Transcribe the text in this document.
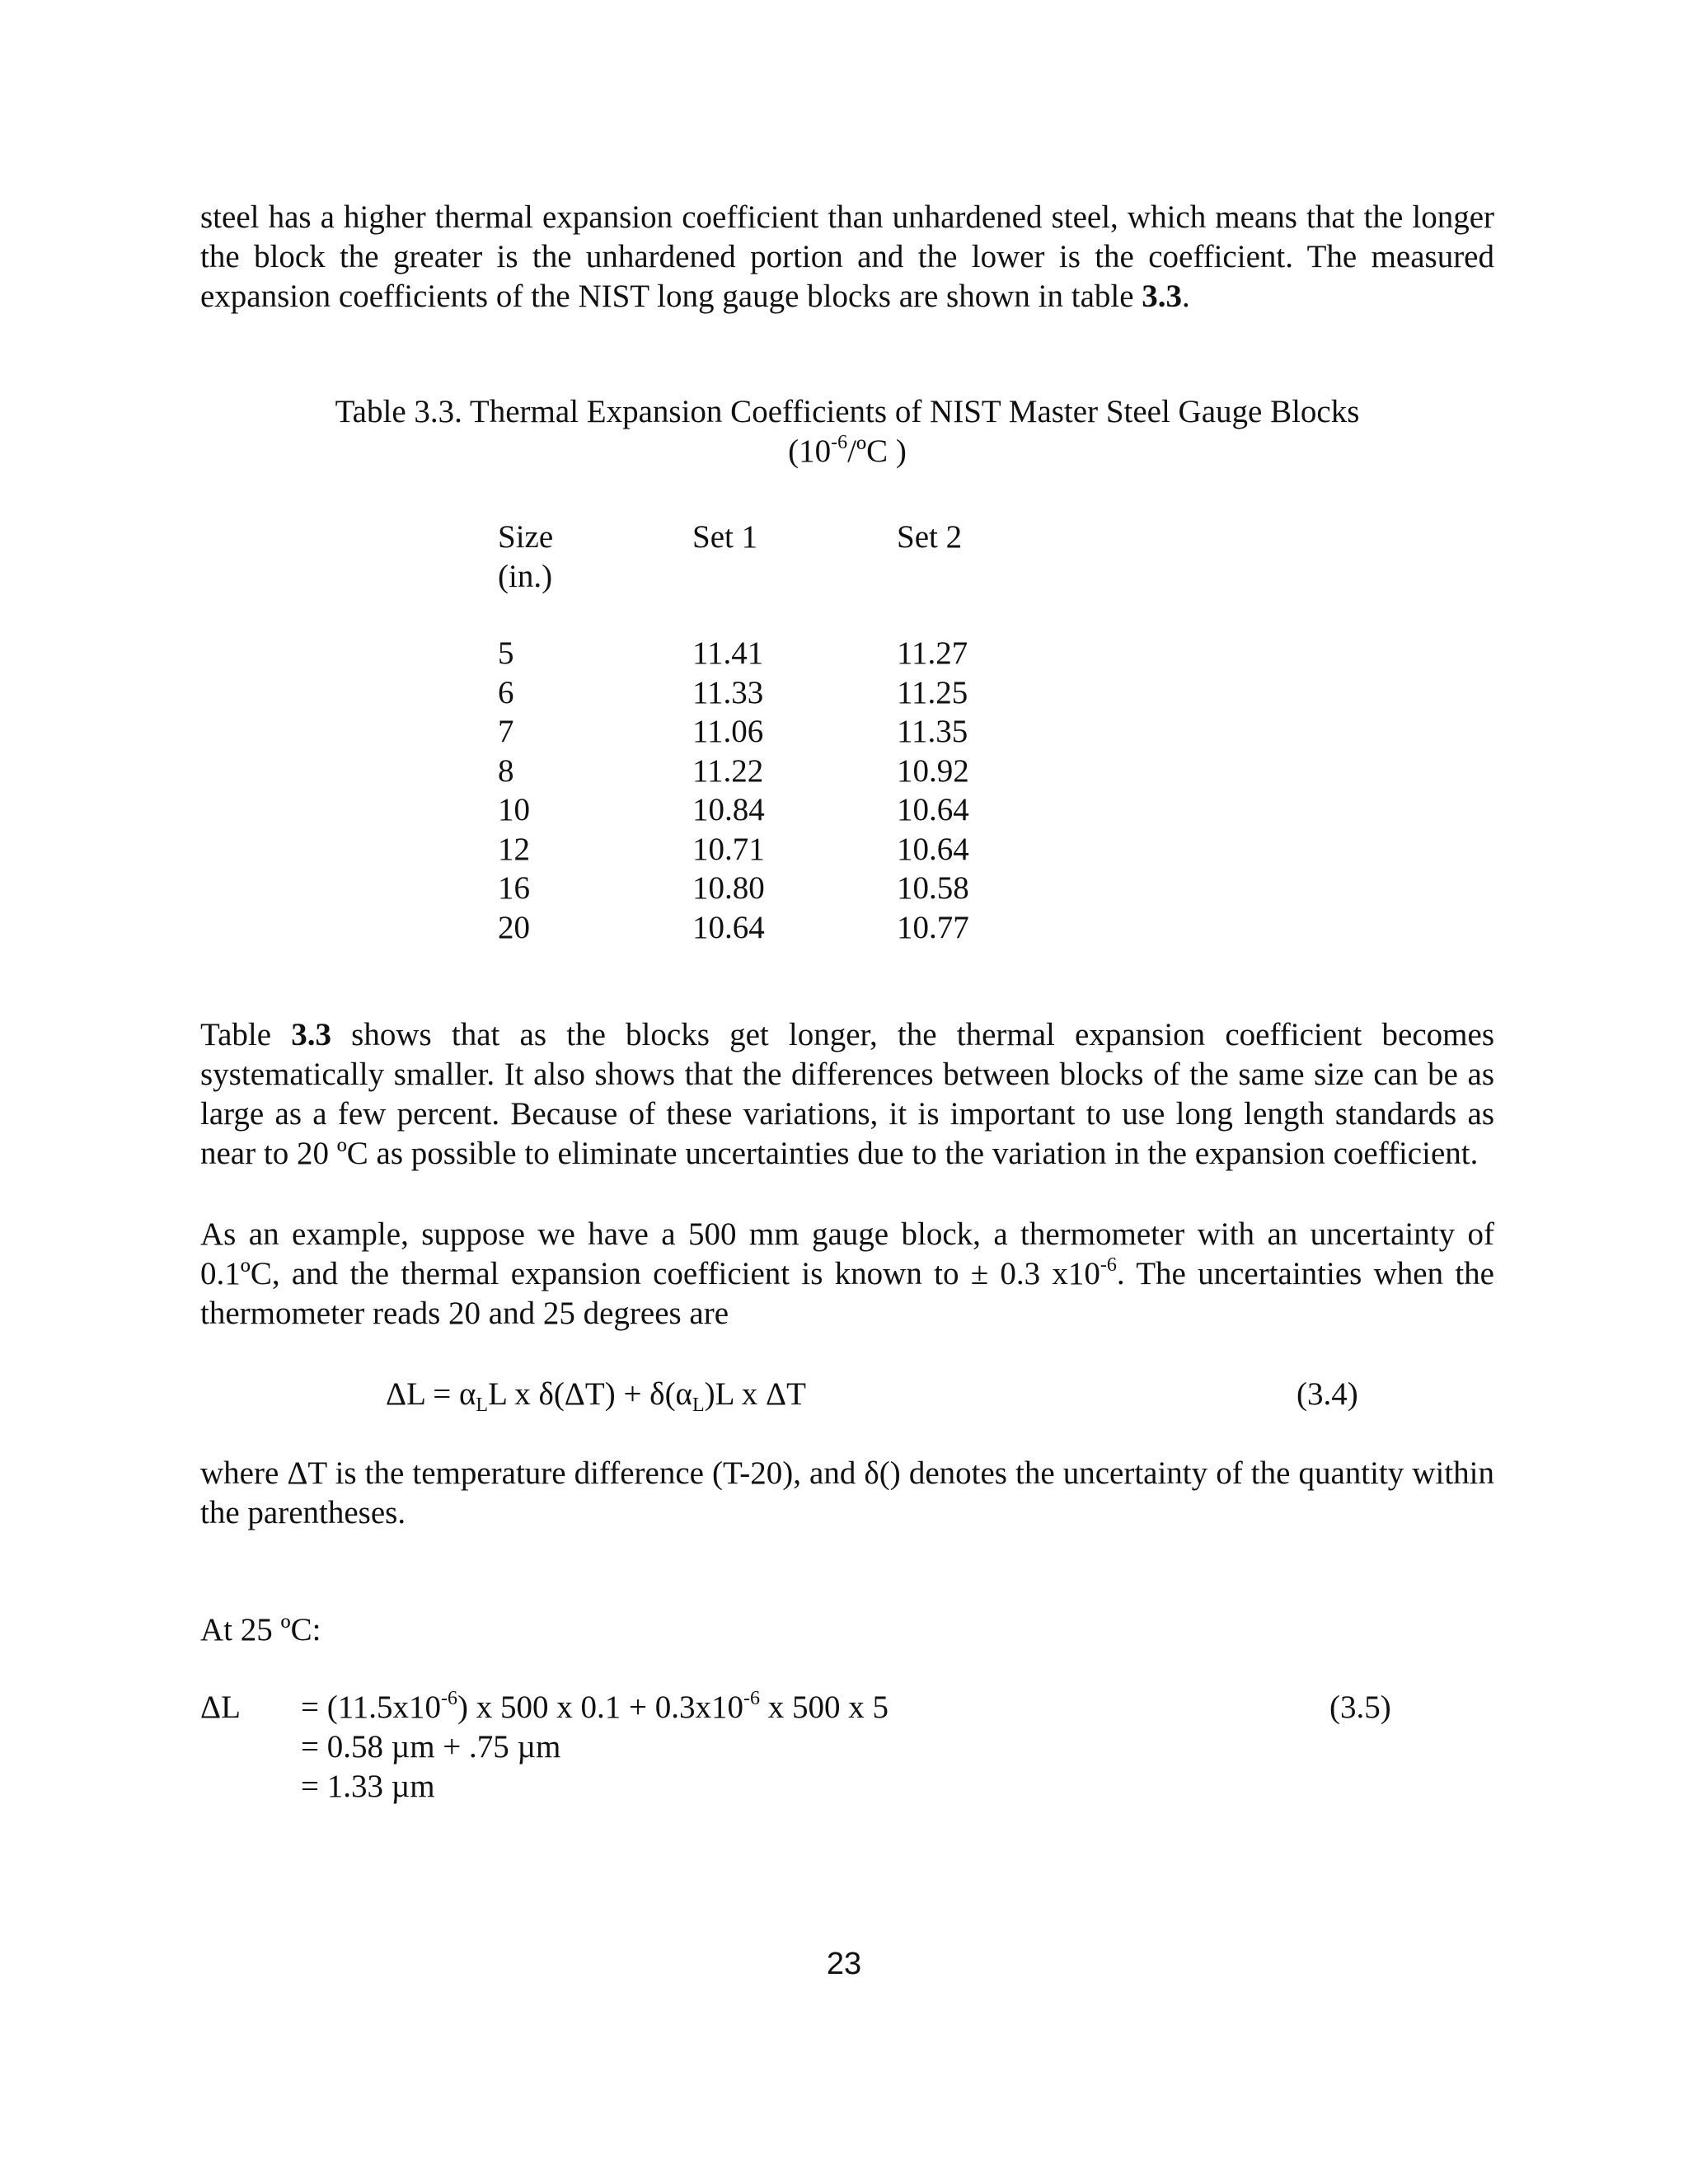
steel has a higher thermal expansion coefficient than unhardened steel, which means that the longer the block the greater is the unhardened portion and the lower is the coefficient. The measured expansion coefficients of the NIST long gauge blocks are shown in table 3.3.

Table 3.3. Thermal Expansion Coefficients of NIST Master Steel Gauge Blocks
($10^{-6}/ºC$ )
Size
(in.)

5
6
7
8
10
12
16
20
Set 1

11.41
11.33
11.06
11.22
10.84
10.71
10.80
10.64
Set 2

11.27
11.25
11.35
10.92
10.64
10.64
10.58
10.77

Table 3.3 shows that as the blocks get longer, the thermal expansion coefficient becomes systematically smaller. It also shows that the differences between blocks of the same size can be as large as a few percent. Because of these variations, it is important to use long length standards as near to 20 ºC as possible to eliminate uncertainties due to the variation in the expansion coefficient.

As an example, suppose we have a 500 mm gauge block, a thermometer with an uncertainty of 0.1ºC, and the thermal expansion coefficient is known to ± 0.3 $x10^{-6}$. The uncertainties when the thermometer reads 20 and 25 degrees are

$\Delta L = \alpha_LL$ x $\delta(\Delta T) + \delta(\alpha_L)L$ x ΔT	(3.4)

where ΔT is the temperature difference (T-20), and δ() denotes the uncertainty of the quantity within the parentheses.

At 25 ºC:
$\Delta L = (11.5x10^{-6})$ x 500 x $0.1 + 0.3x10^{-6}$ x 500 x 5
= 0.58 µm + .75 µm
= 1.33 µm
(3.5)
23
